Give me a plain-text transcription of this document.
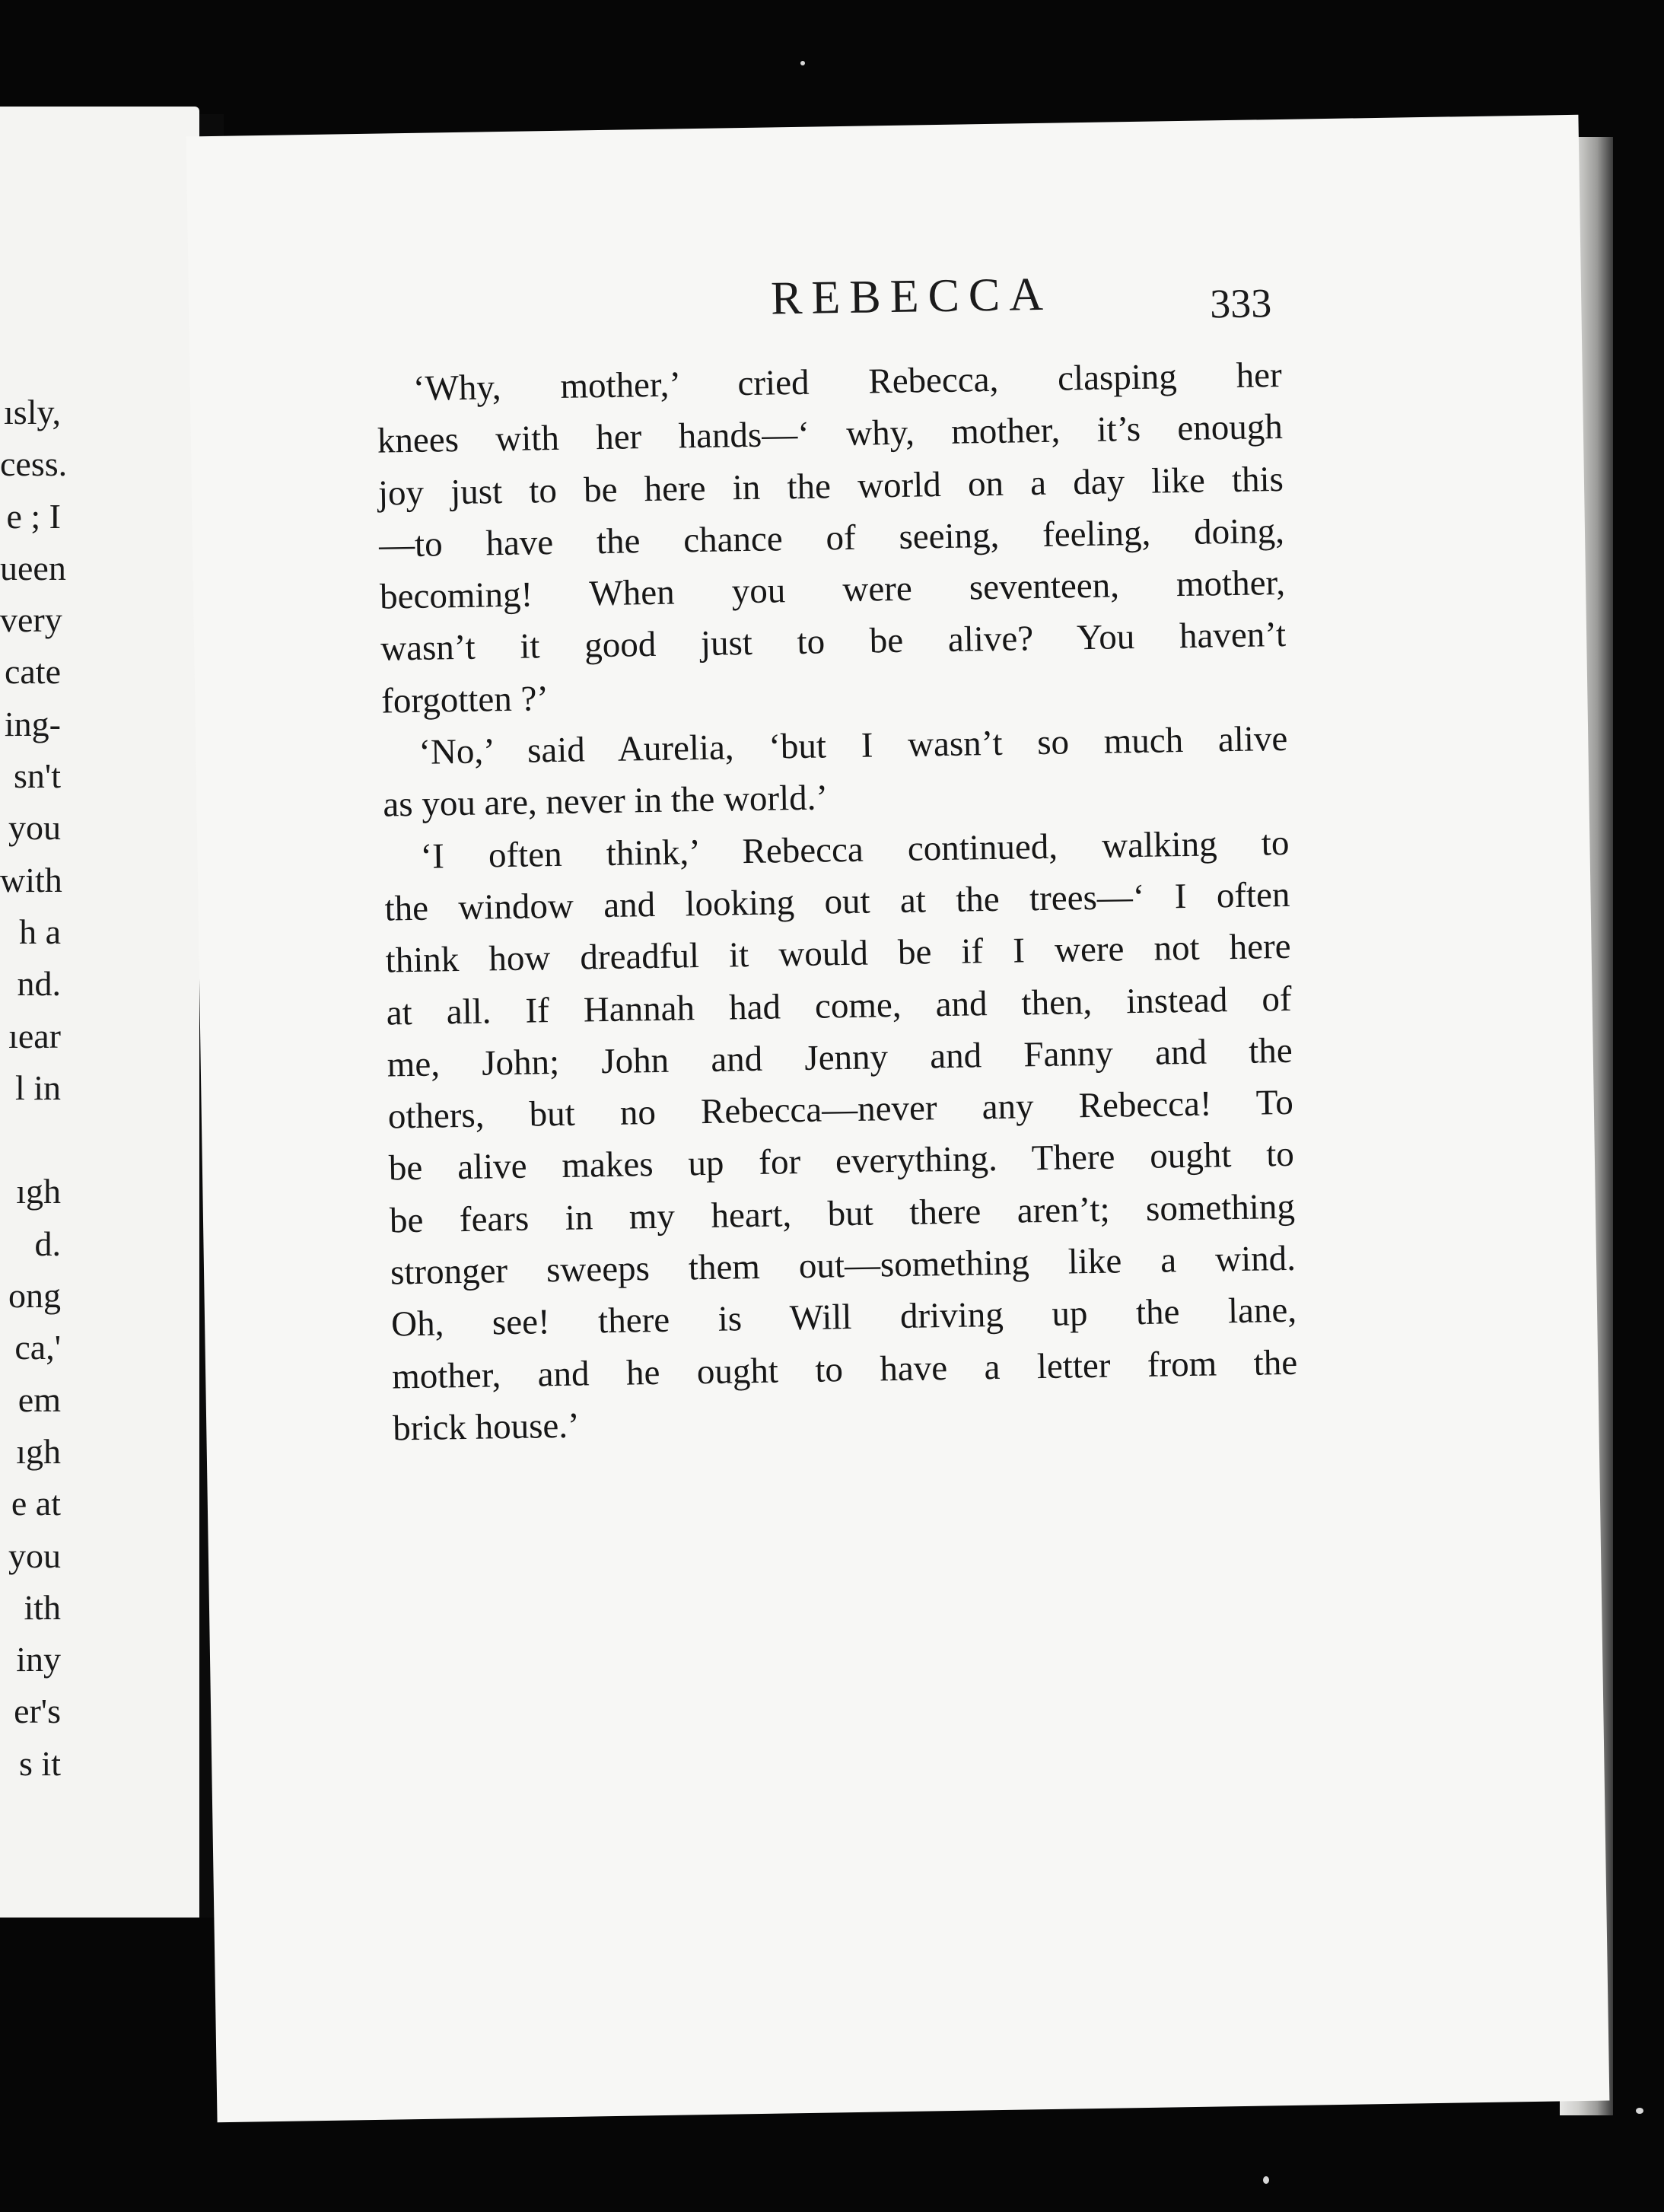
ısly,
cess.
e ; I
ueen
very
cate
ing-
sn't
you
with
h a
nd.
ıear
l in
ıgh
d.
ong
ca,'
em
ıgh
e at
you
ith
iny
er's
s it
REBECCA	333
‘Why, mother,’ cried Rebecca, clasping her
knees with her hands—‘ why, mother, it’s enough
joy just to be here in the world on a day like this
—to have the chance of seeing, feeling, doing,
becoming! When you were seventeen, mother,
wasn’t it good just to be alive? You haven’t
forgotten ?’
‘No,’ said Aurelia, ‘but I wasn’t so much alive
as you are, never in the world.’
‘I often think,’ Rebecca continued, walking to
the window and looking out at the trees—‘ I often
think how dreadful it would be if I were not here
at all. If Hannah had come, and then, instead of
me, John; John and Jenny and Fanny and the
others, but no Rebecca—never any Rebecca! To
be alive makes up for everything. There ought to
be fears in my heart, but there aren’t; something
stronger sweeps them out—something like a wind.
Oh, see! there is Will driving up the lane,
mother, and he ought to have a letter from the
brick house.’
